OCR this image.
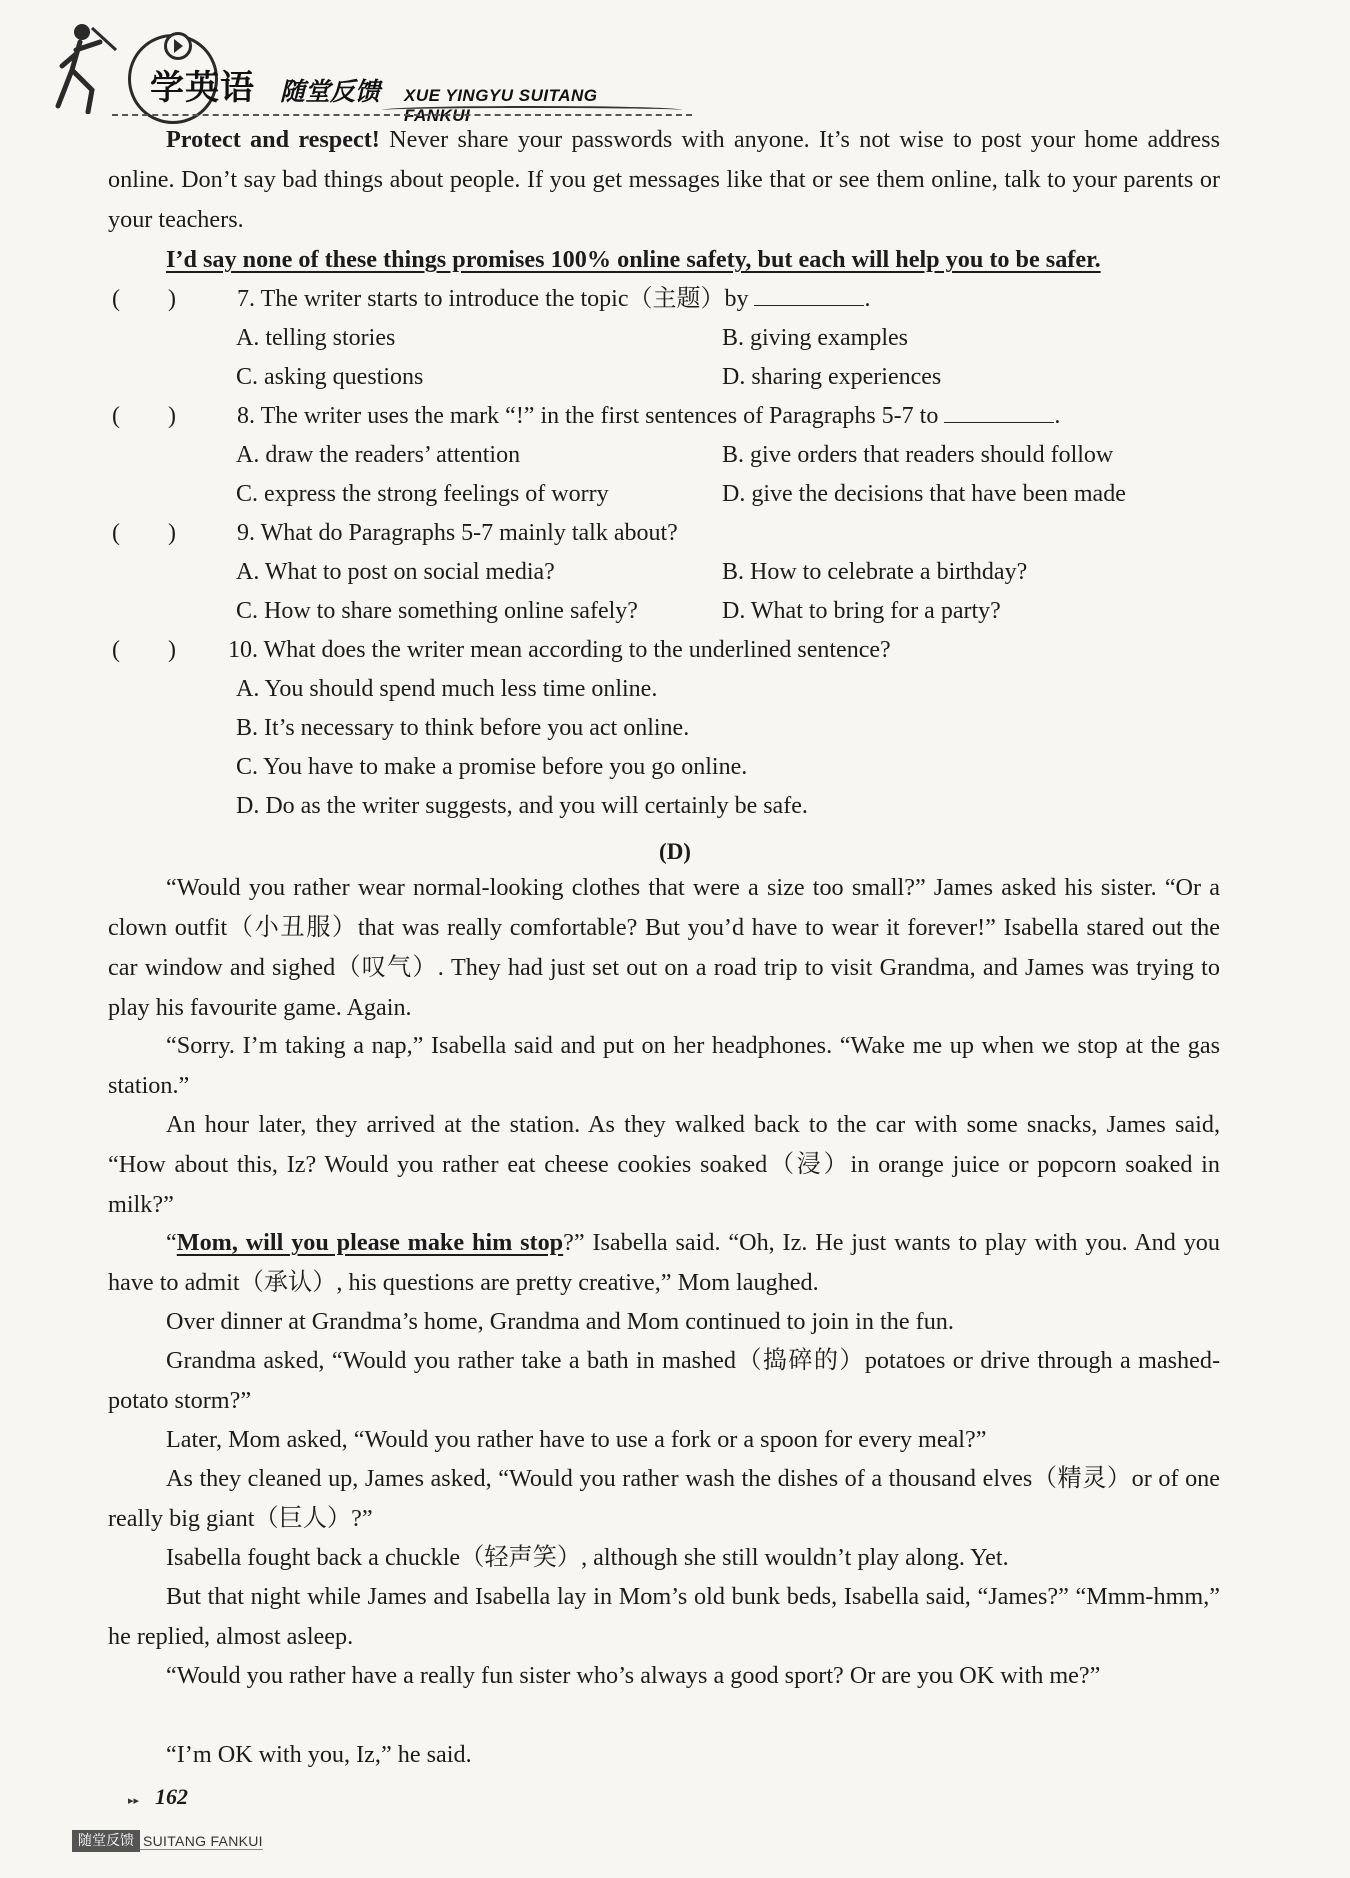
学英语 随堂反馈 XUE YINGYU SUITANG FANKUI
Protect and respect! Never share your passwords with anyone. It’s not wise to post your home address online. Don’t say bad things about people. If you get messages like that or see them online, talk to your parents or your teachers.
I’d say none of these things promises 100% online safety, but each will help you to be safer.
(　　)	7. The writer starts to introduce the topic（主题）by	.
A. telling stories	B. giving examples
C. asking questions	D. sharing experiences
(　　)	8. The writer uses the mark “!” in the first sentences of Paragraphs 5-7 to	.
A. draw the readers’ attention	B. give orders that readers should follow
C. express the strong feelings of worry	D. give the decisions that have been made
(　　)	9. What do Paragraphs 5-7 mainly talk about?
A. What to post on social media?	B. How to celebrate a birthday?
C. How to share something online safely?	D. What to bring for a party?
(　　) 10. What does the writer mean according to the underlined sentence?
A. You should spend much less time online.
B. It’s necessary to think before you act online.
C. You have to make a promise before you go online.
D. Do as the writer suggests, and you will certainly be safe.
(D)
“Would you rather wear normal-looking clothes that were a size too small?” James asked his sister. “Or a clown outfit（小丑服）that was really comfortable? But you’d have to wear it forever!” Isabella stared out the car window and sighed（叹气）. They had just set out on a road trip to visit Grandma, and James was trying to play his favourite game. Again.
“Sorry. I’m taking a nap,” Isabella said and put on her headphones. “Wake me up when we stop at the gas station.”
An hour later, they arrived at the station. As they walked back to the car with some snacks, James said, “How about this, Iz? Would you rather eat cheese cookies soaked（浸）in orange juice or popcorn soaked in milk?”
“Mom, will you please make him stop?” Isabella said. “Oh, Iz. He just wants to play with you. And you have to admit（承认）, his questions are pretty creative,” Mom laughed.
Over dinner at Grandma’s home, Grandma and Mom continued to join in the fun.
Grandma asked, “Would you rather take a bath in mashed（捣碎的）potatoes or drive through a mashed-potato storm?”
Later, Mom asked, “Would you rather have to use a fork or a spoon for every meal?”
As they cleaned up, James asked, “Would you rather wash the dishes of a thousand elves（精灵）or of one really big giant（巨人）?”
Isabella fought back a chuckle（轻声笑）, although she still wouldn’t play along. Yet.
But that night while James and Isabella lay in Mom’s old bunk beds, Isabella said, “James?” “Mmm-hmm,” he replied, almost asleep.
“Would you rather have a really fun sister who’s always a good sport? Or are you OK with me?”
“I’m OK with you, Iz,” he said.
▸▸ 162
随堂反馈 SUITANG FANKUI
